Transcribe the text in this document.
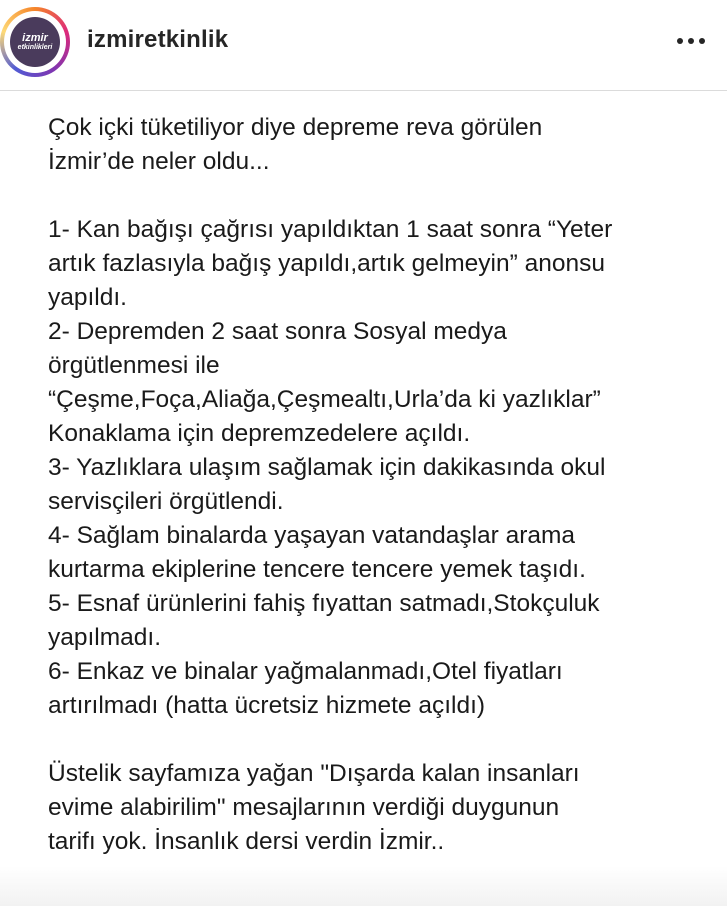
izmir
etkinlikleri izmiretkinlik
Çok içki tüketiliyor diye depreme reva görülen
İzmir’de neler oldu...

1- Kan bağışı çağrısı yapıldıktan 1 saat sonra “Yeter
artık fazlasıyla bağış yapıldı,artık gelmeyin” anonsu
yapıldı.
2- Depremden 2 saat sonra Sosyal medya
örgütlenmesi ile
“Çeşme,Foça,Aliağa,Çeşmealtı,Urla’da ki yazlıklar”
Konaklama için depremzedelere açıldı.
3- Yazlıklara ulaşım sağlamak için dakikasında okul
servisçileri örgütlendi.
4- Sağlam binalarda yaşayan vatandaşlar arama
kurtarma ekiplerine tencere tencere yemek taşıdı.
5- Esnaf ürünlerini fahiş fıyattan satmadı,Stokçuluk
yapılmadı.
6- Enkaz ve binalar yağmalanmadı,Otel fiyatları
artırılmadı (hatta ücretsiz hizmete açıldı)

Üstelik sayfamıza yağan "Dışarda kalan insanları
evime alabirilim" mesajlarının verdiği duygunun
tarifı yok. İnsanlık dersi verdin İzmir..
